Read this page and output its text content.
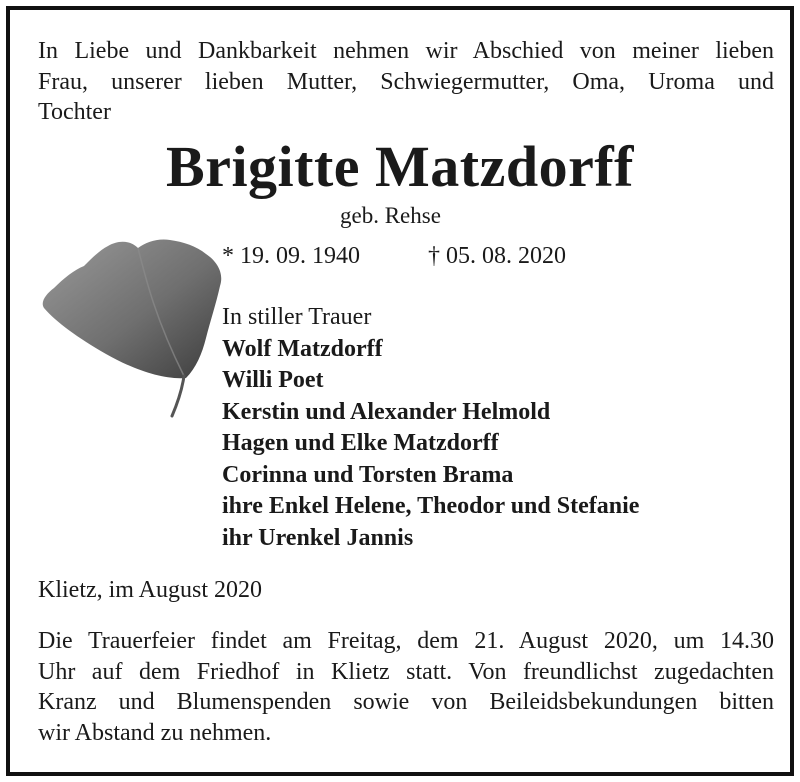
In Liebe und Dankbarkeit nehmen wir Abschied von meiner lieben
Frau, unserer lieben Mutter, Schwiegermutter, Oma, Uroma und
Tochter
Brigitte Matzdorff
geb. Rehse
* 19. 09. 1940	† 05. 08. 2020
In stiller Trauer
Wolf Matzdorff
Willi Poet
Kerstin und Alexander Helmold
Hagen und Elke Matzdorff
Corinna und Torsten Brama
ihre Enkel Helene, Theodor und Stefanie
ihr Urenkel Jannis
Klietz, im August 2020
Die Trauerfeier findet am Freitag, dem 21. August 2020, um 14.30
Uhr auf dem Friedhof in Klietz statt. Von freundlichst zugedachten
Kranz und Blumenspenden sowie von Beileidsbekundungen bitten
wir Abstand zu nehmen.
